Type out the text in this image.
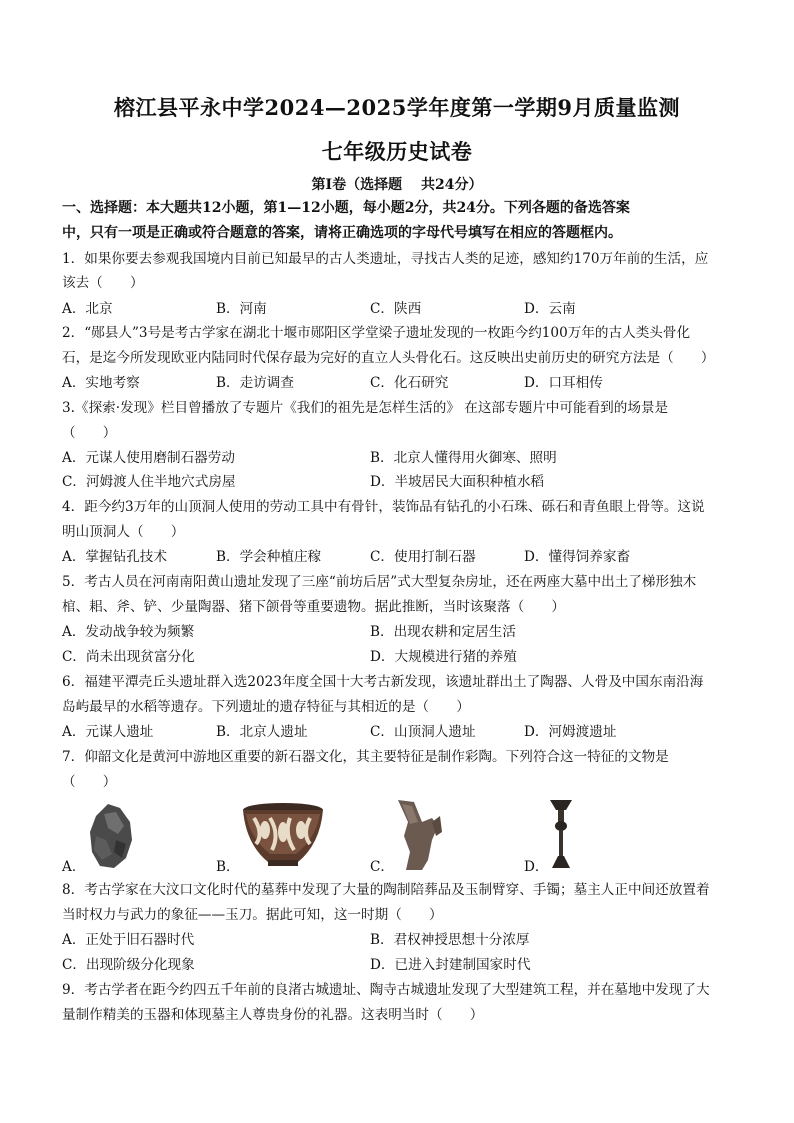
榕江县平永中学2024—2025学年度第一学期9月质量监测
七年级历史试卷
第Ⅰ卷（选择题　 共24分）
一、选择题：本大题共12小题，第1—12小题，每小题2分，共24分。下列各题的备选答案
中，只有一项是正确或符合题意的答案，请将正确选项的字母代号填写在相应的答题框内。
1．如果你要去参观我国境内目前已知最早的古人类遗址，寻找古人类的足迹，感知约170万年前的生活，应
该去（　　）
A．北京	B．河南	C．陕西	D．云南
2．“郧县人”3号是考古学家在湖北十堰市郧阳区学堂梁子遗址发现的一枚距今约100万年的古人类头骨化
石，是迄今所发现欧亚内陆同时代保存最为完好的直立人头骨化石。这反映出史前历史的研究方法是（　　）
A．实地考察	B．走访调查	C．化石研究	D．口耳相传
3.《探索·发现》栏目曾播放了专题片《我们的祖先是怎样生活的》 在这部专题片中可能看到的场景是
（　　）
A．元谋人使用磨制石器劳动	B．北京人懂得用火御寒、照明
C．河姆渡人住半地穴式房屋	D．半坡居民大面积种植水稻
4．距今约3万年的山顶洞人使用的劳动工具中有骨针，装饰品有钻孔的小石珠、砾石和青鱼眼上骨等。这说
明山顶洞人（　　）
A．掌握钻孔技术	B．学会种植庄稼	C．使用打制石器	D．懂得饲养家畜
5．考古人员在河南南阳黄山遗址发现了三座“前坊后居”式大型复杂房址，还在两座大墓中出土了梯形独木
棺、耜、斧、铲、少量陶器、猪下颌骨等重要遗物。据此推断，当时该聚落（　　）
A．发动战争较为频繁	B．出现农耕和定居生活
C．尚未出现贫富分化	D．大规模进行猪的养殖
6．福建平潭壳丘头遗址群入选2023年度全国十大考古新发现，该遗址群出土了陶器、人骨及中国东南沿海
岛屿最早的水稻等遗存。下列遗址的遗存特征与其相近的是（　　）
A．元谋人遗址	B．北京人遗址	C．山顶洞人遗址	D．河姆渡遗址
7．仰韶文化是黄河中游地区重要的新石器文化，其主要特征是制作彩陶。下列符合这一特征的文物是
（　　）
A．	B．	C．	D．
8．考古学家在大汶口文化时代的墓葬中发现了大量的陶制陪葬品及玉制臂穿、手镯；墓主人正中间还放置着
当时权力与武力的象征——玉刀。据此可知，这一时期（　　）
A．正处于旧石器时代	B．君权神授思想十分浓厚
C．出现阶级分化现象	D．已进入封建制国家时代
9．考古学者在距今约四五千年前的良渚古城遗址、陶寺古城遗址发现了大型建筑工程，并在墓地中发现了大
量制作精美的玉器和体现墓主人尊贵身份的礼器。这表明当时（　　）
